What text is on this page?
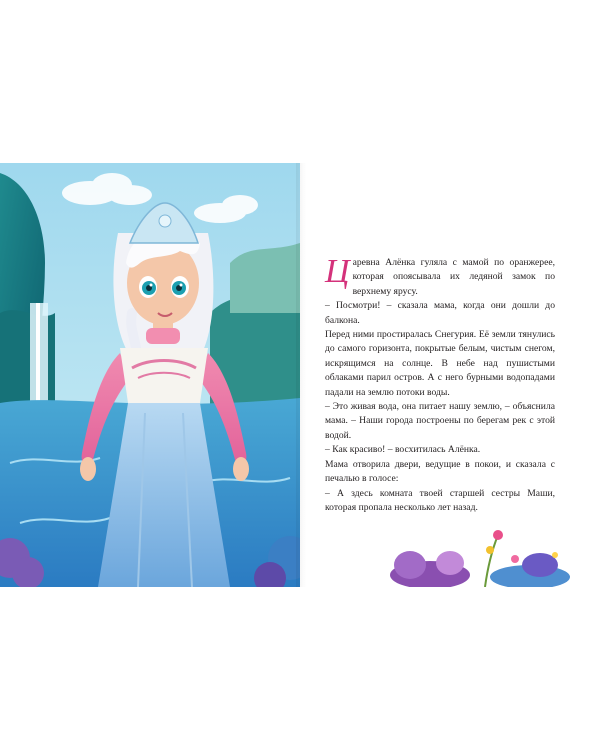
Царевна Алёнка гуляла с мамой по оранжерее, которая опоясывала их ледяной замок по верхнему ярусу.
– Посмотри! – сказала мама, когда они дошли до балкона.
Перед ними простиралась Снегурия. Её земли тянулись до самого горизонта, покрытые белым, чистым снегом, искрящимся на солнце. В небе над пушистыми облаками парил остров. А с него бурными водопадами падали на землю потоки воды.
– Это живая вода, она питает нашу землю, – объяснила мама. – Наши города построены по берегам рек с этой водой.
– Как красиво! – восхитилась Алёнка.
Мама отворила двери, ведущие в покои, и сказала с печалью в голосе:
– А здесь комната твоей старшей сестры Маши, которая пропала несколько лет назад.
